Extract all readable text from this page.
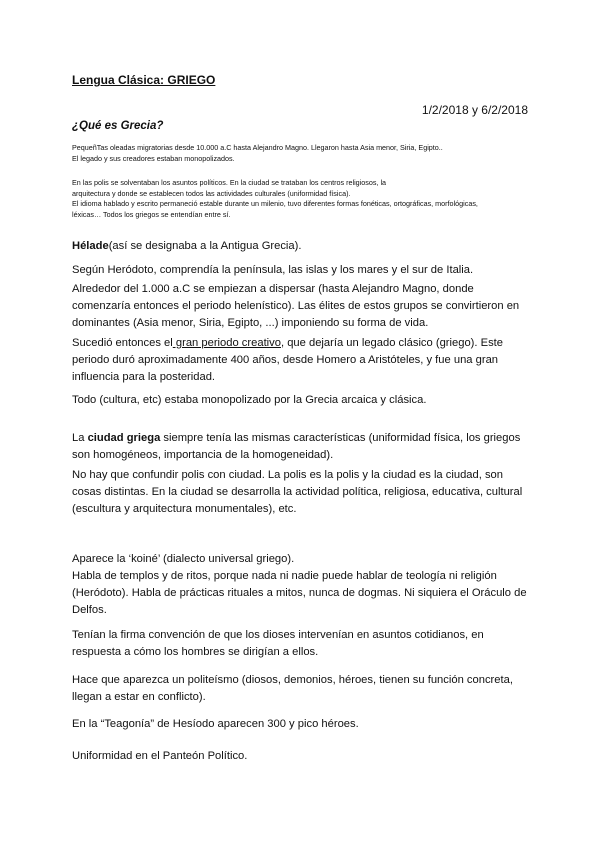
Lengua Clásica: GRIEGO
1/2/2018 y 6/2/2018
¿Qué es Grecia?
PequeñTas oleadas migratorias desde 10.000 a.C hasta Alejandro Magno. Llegaron hasta Asia menor, Siria, Egipto..
El legado y sus creadores estaban monopolizados.
En las polis se solventaban los asuntos políticos. En la ciudad se trataban los centros religiosos, la
arquitectura y donde se establecen todos las actividades culturales (uniformidad física).
El idioma hablado y escrito permaneció estable durante un milenio, tuvo diferentes formas fonéticas, ortográficas, morfológicas,
léxicas… Todos los griegos se entendían entre sí.
Hélade(así se designaba a la Antigua Grecia).
Según Heródoto, comprendía la península, las islas y los mares y el sur de Italia.
Alrededor del 1.000 a.C se empiezan a dispersar (hasta Alejandro Magno, donde comenzaría entonces el periodo helenístico). Las élites de estos grupos se convirtieron en dominantes (Asia menor, Siria, Egipto, ...) imponiendo su forma de vida.
Sucedió entonces el gran periodo creativo, que dejaría un legado clásico (griego). Este periodo duró aproximadamente 400 años, desde Homero a Aristóteles, y fue una gran influencia para la posteridad.
Todo (cultura, etc) estaba monopolizado por la Grecia arcaica y clásica.
La ciudad griega siempre tenía las mismas características (uniformidad física, los griegos son homogéneos, importancia de la homogeneidad).
No hay que confundir polis con ciudad. La polis es la polis y la ciudad es la ciudad, son cosas distintas. En la ciudad se desarrolla la actividad política, religiosa, educativa, cultural (escultura y arquitectura monumentales), etc.
Aparece la ‘koiné’ (dialecto universal griego).
Habla de templos y de ritos, porque nada ni nadie puede hablar de teología ni religión (Heródoto). Habla de prácticas rituales a mitos, nunca de dogmas. Ni siquiera el Oráculo de Delfos.
Tenían la firma convención de que los dioses intervenían en asuntos cotidianos, en respuesta a cómo los hombres se dirigían a ellos.
Hace que aparezca un politeísmo (diosos, demonios, héroes, tienen su función concreta, llegan a estar en conflicto).
En la “Teagonía” de Hesíodo aparecen 300 y pico héroes.
Uniformidad en el Panteón Político.
